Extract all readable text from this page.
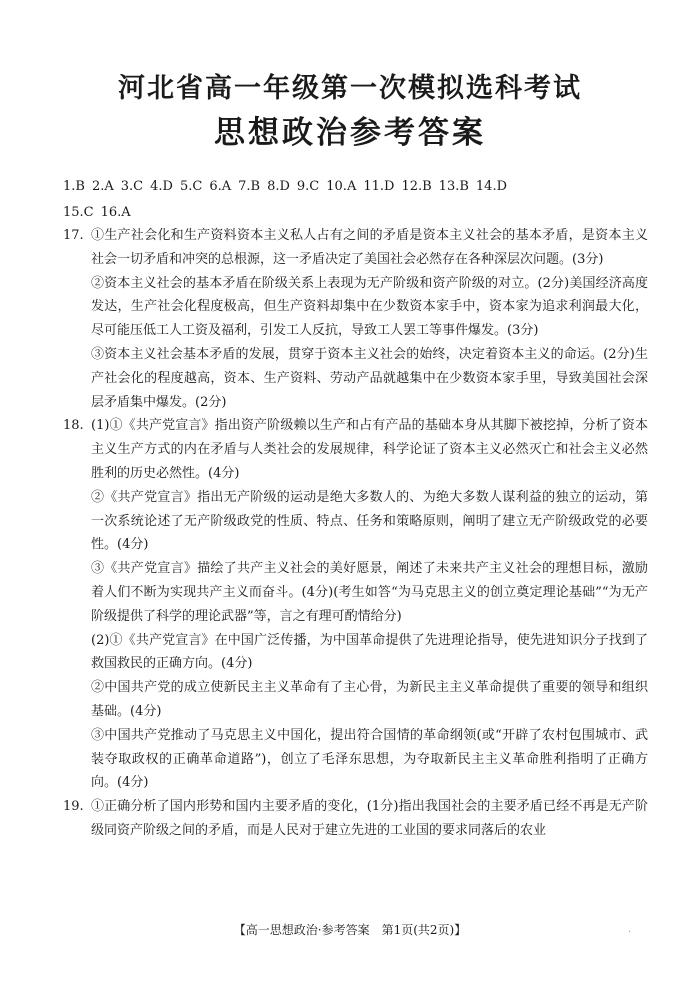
河北省高一年级第一次模拟选科考试
思想政治参考答案
1.B 2.A 3.C 4.D 5.C 6.A 7.B 8.D 9.C 10.A 11.D 12.B 13.B 14.D
15.C 16.A
17. ①生产社会化和生产资料资本主义私人占有之间的矛盾是资本主义社会的基本矛盾，是资本主义社会一切矛盾和冲突的总根源，这一矛盾决定了美国社会必然存在各种深层次问题。(3分)

②资本主义社会的基本矛盾在阶级关系上表现为无产阶级和资产阶级的对立。(2分)美国经济高度发达，生产社会化程度极高，但生产资料却集中在少数资本家手中，资本家为追求利润最大化，尽可能压低工人工资及福利，引发工人反抗，导致工人罢工等事件爆发。(3分)

③资本主义社会基本矛盾的发展，贯穿于资本主义社会的始终，决定着资本主义的命运。(2分)生产社会化的程度越高，资本、生产资料、劳动产品就越集中在少数资本家手里，导致美国社会深层矛盾集中爆发。(2分)

18. (1)①《共产党宣言》指出资产阶级赖以生产和占有产品的基础本身从其脚下被挖掉，分析了资本主义生产方式的内在矛盾与人类社会的发展规律，科学论证了资本主义必然灭亡和社会主义必然胜利的历史必然性。(4分)

②《共产党宣言》指出无产阶级的运动是绝大多数人的、为绝大多数人谋利益的独立的运动，第一次系统论述了无产阶级政党的性质、特点、任务和策略原则，阐明了建立无产阶级政党的必要性。(4分)

③《共产党宣言》描绘了共产主义社会的美好愿景，阐述了未来共产主义社会的理想目标，激励着人们不断为实现共产主义而奋斗。(4分)(考生如答“为马克思主义的创立奠定理论基础”“为无产阶级提供了科学的理论武器”等，言之有理可酌情给分)

(2)①《共产党宣言》在中国广泛传播，为中国革命提供了先进理论指导，使先进知识分子找到了救国救民的正确方向。(4分)

②中国共产党的成立使新民主主义革命有了主心骨，为新民主主义革命提供了重要的领导和组织基础。(4分)

③中国共产党推动了马克思主义中国化，提出符合国情的革命纲领(或“开辟了农村包围城市、武装夺取政权的正确革命道路”)，创立了毛泽东思想，为夺取新民主主义革命胜利指明了正确方向。(4分)

19. ①正确分析了国内形势和国内主要矛盾的变化，(1分)指出我国社会的主要矛盾已经不再是无产阶级同资产阶级之间的矛盾，而是人民对于建立先进的工业国的要求同落后的农业

【高一思想政治·参考答案　第1页(共2页)】	.
